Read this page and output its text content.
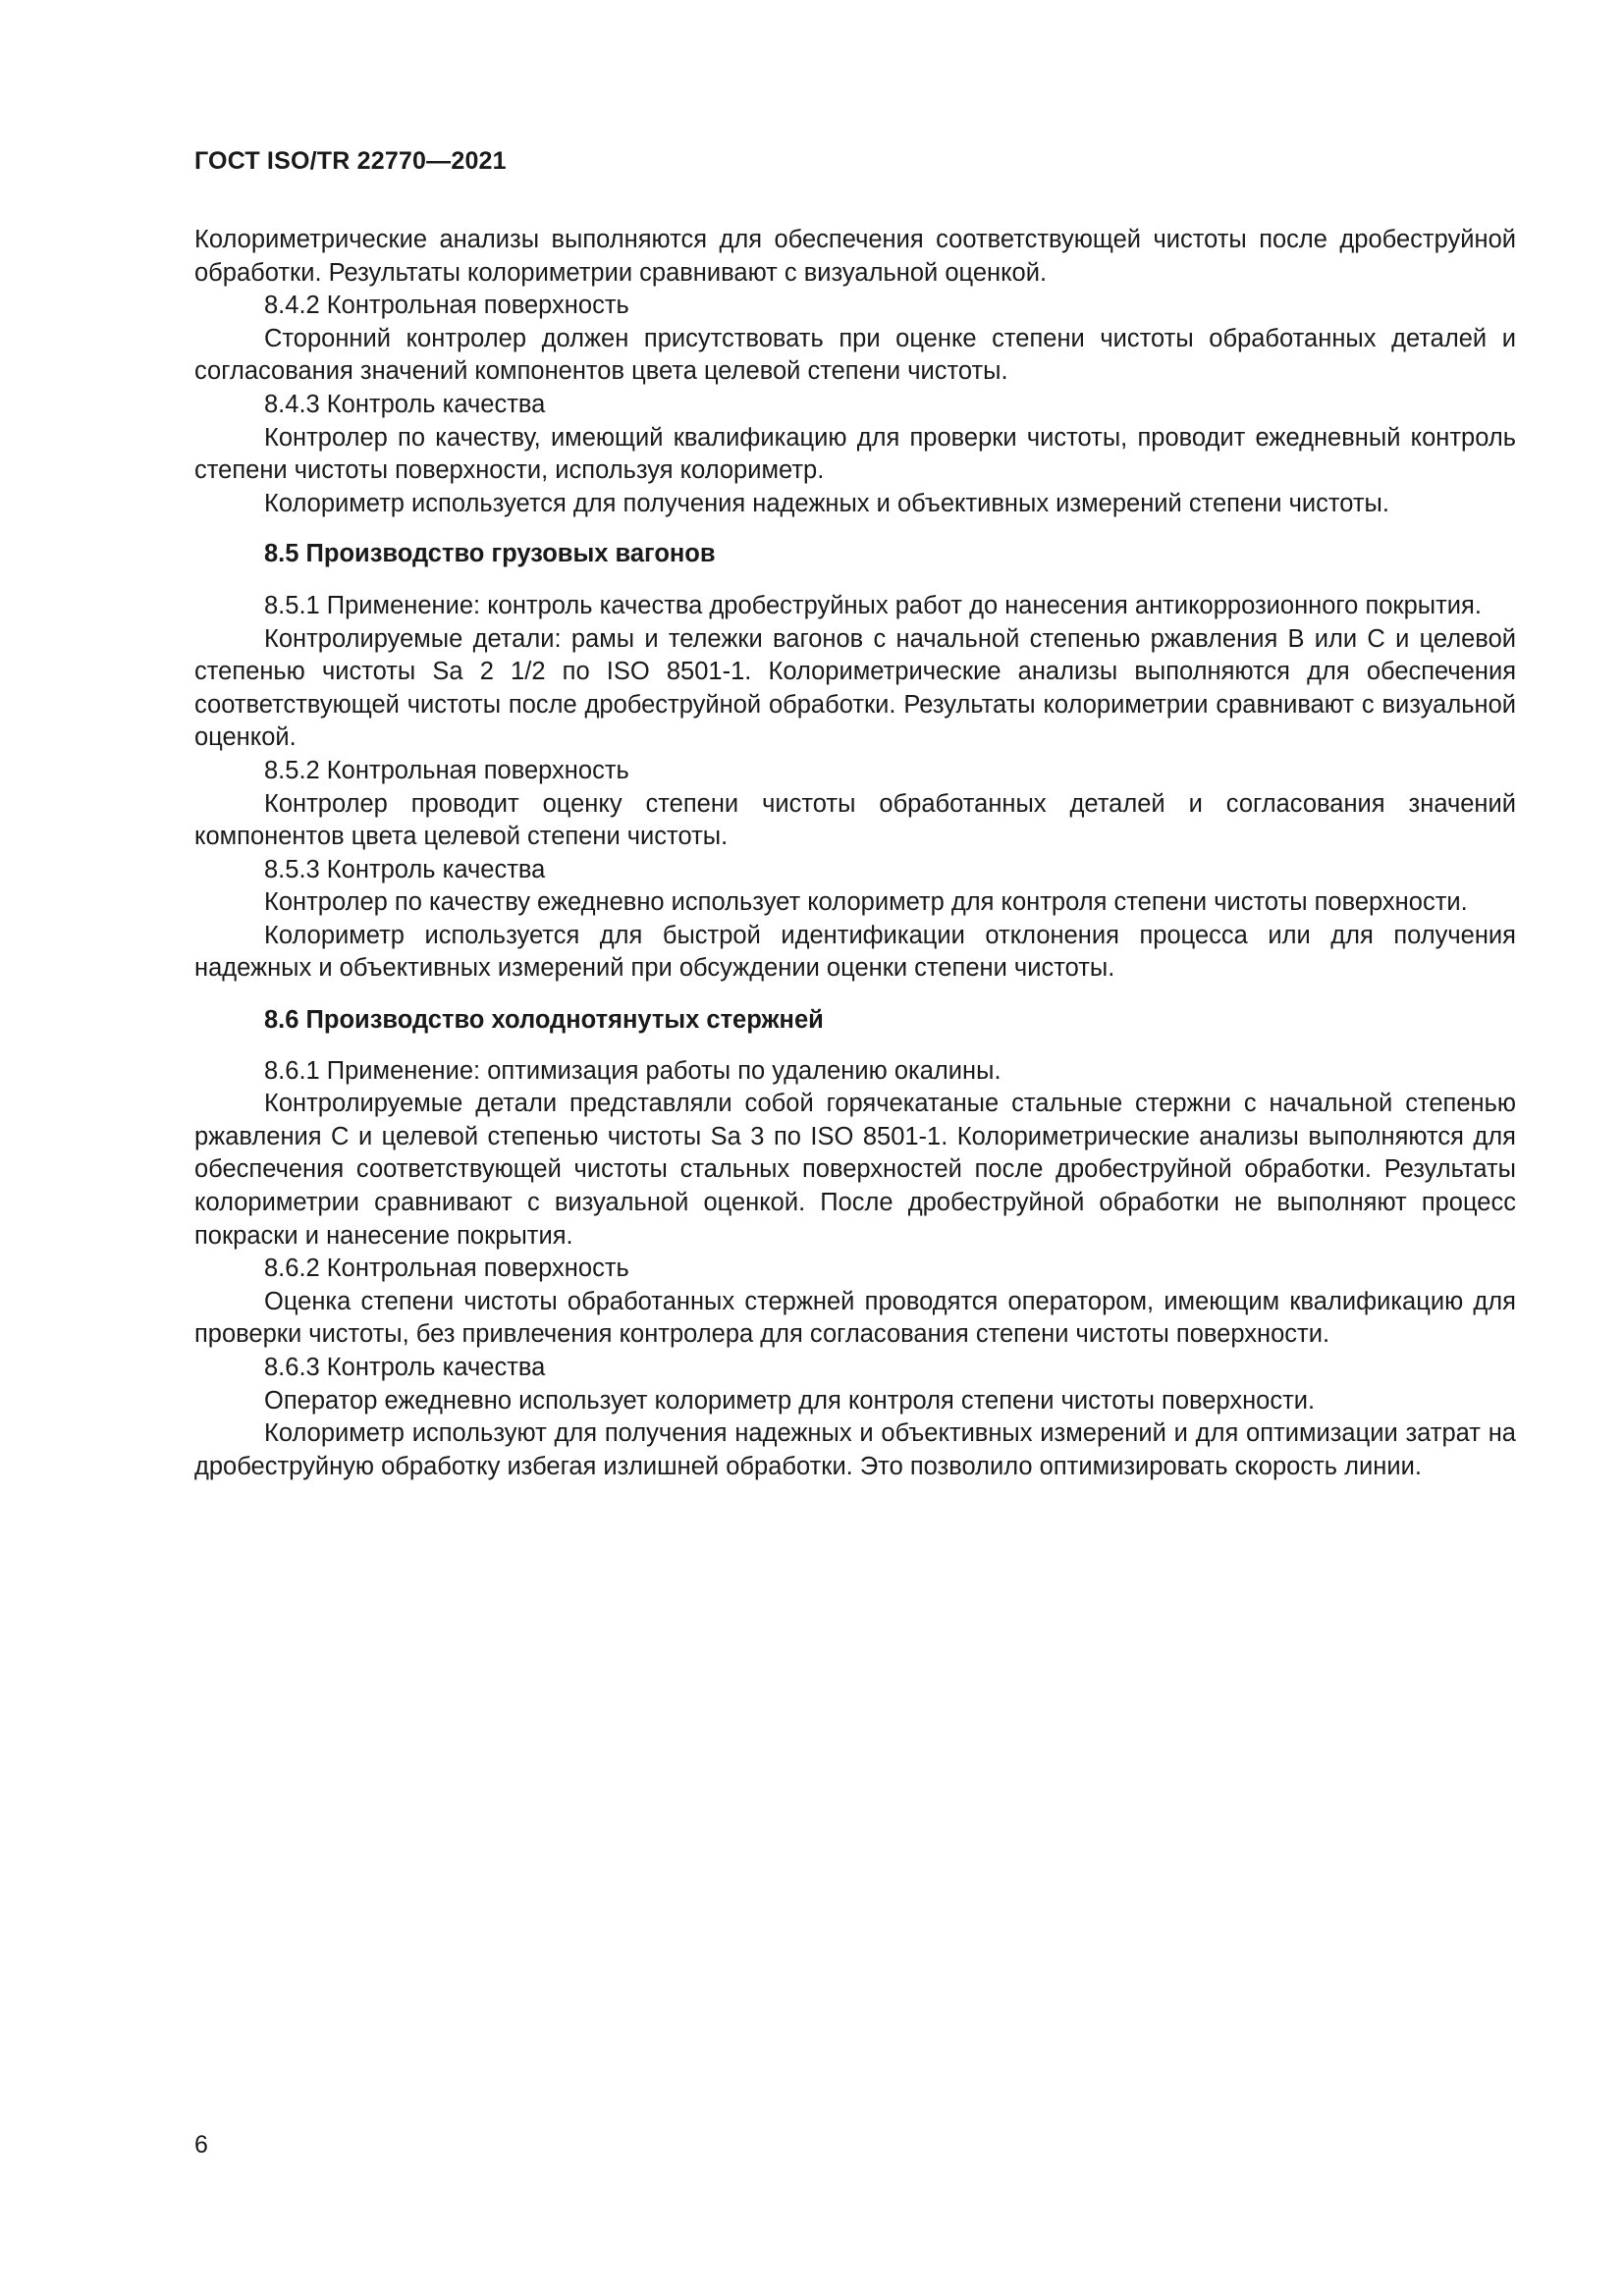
ГОСТ ISO/TR 22770—2021

Колориметрические анализы выполняются для обеспечения соответствующей чистоты после дробеструйной обработки. Результаты колориметрии сравнивают с визуальной оценкой.

8.4.2 Контрольная поверхность

Сторонний контролер должен присутствовать при оценке степени чистоты обработанных деталей и согласования значений компонентов цвета целевой степени чистоты.

8.4.3 Контроль качества

Контролер по качеству, имеющий квалификацию для проверки чистоты, проводит ежедневный контроль степени чистоты поверхности, используя колориметр.

Колориметр используется для получения надежных и объективных измерений степени чистоты.

8.5 Производство грузовых вагонов

8.5.1 Применение: контроль качества дробеструйных работ до нанесения антикоррозионного покрытия.

Контролируемые детали: рамы и тележки вагонов с начальной степенью ржавления В или С и целевой степенью чистоты Sa 2 1/2 по ISO 8501-1. Колориметрические анализы выполняются для обеспечения соответствующей чистоты после дробеструйной обработки. Результаты колориметрии сравнивают с визуальной оценкой.

8.5.2 Контрольная поверхность

Контролер проводит оценку степени чистоты обработанных деталей и согласования значений компонентов цвета целевой степени чистоты.

8.5.3 Контроль качества

Контролер по качеству ежедневно использует колориметр для контроля степени чистоты поверхности.

Колориметр используется для быстрой идентификации отклонения процесса или для получения надежных и объективных измерений при обсуждении оценки степени чистоты.

8.6 Производство холоднотянутых стержней

8.6.1 Применение: оптимизация работы по удалению окалины.

Контролируемые детали представляли собой горячекатаные стальные стержни с начальной степенью ржавления С и целевой степенью чистоты Sa 3 по ISO 8501-1. Колориметрические анализы выполняются для обеспечения соответствующей чистоты стальных поверхностей после дробеструйной обработки. Результаты колориметрии сравнивают с визуальной оценкой. После дробеструйной обработки не выполняют процесс покраски и нанесение покрытия.

8.6.2 Контрольная поверхность

Оценка степени чистоты обработанных стержней проводятся оператором, имеющим квалификацию для проверки чистоты, без привлечения контролера для согласования степени чистоты поверхности.

8.6.3 Контроль качества

Оператор ежедневно использует колориметр для контроля степени чистоты поверхности.

Колориметр используют для получения надежных и объективных измерений и для оптимизации затрат на дробеструйную обработку избегая излишней обработки. Это позволило оптимизировать скорость линии.

6
